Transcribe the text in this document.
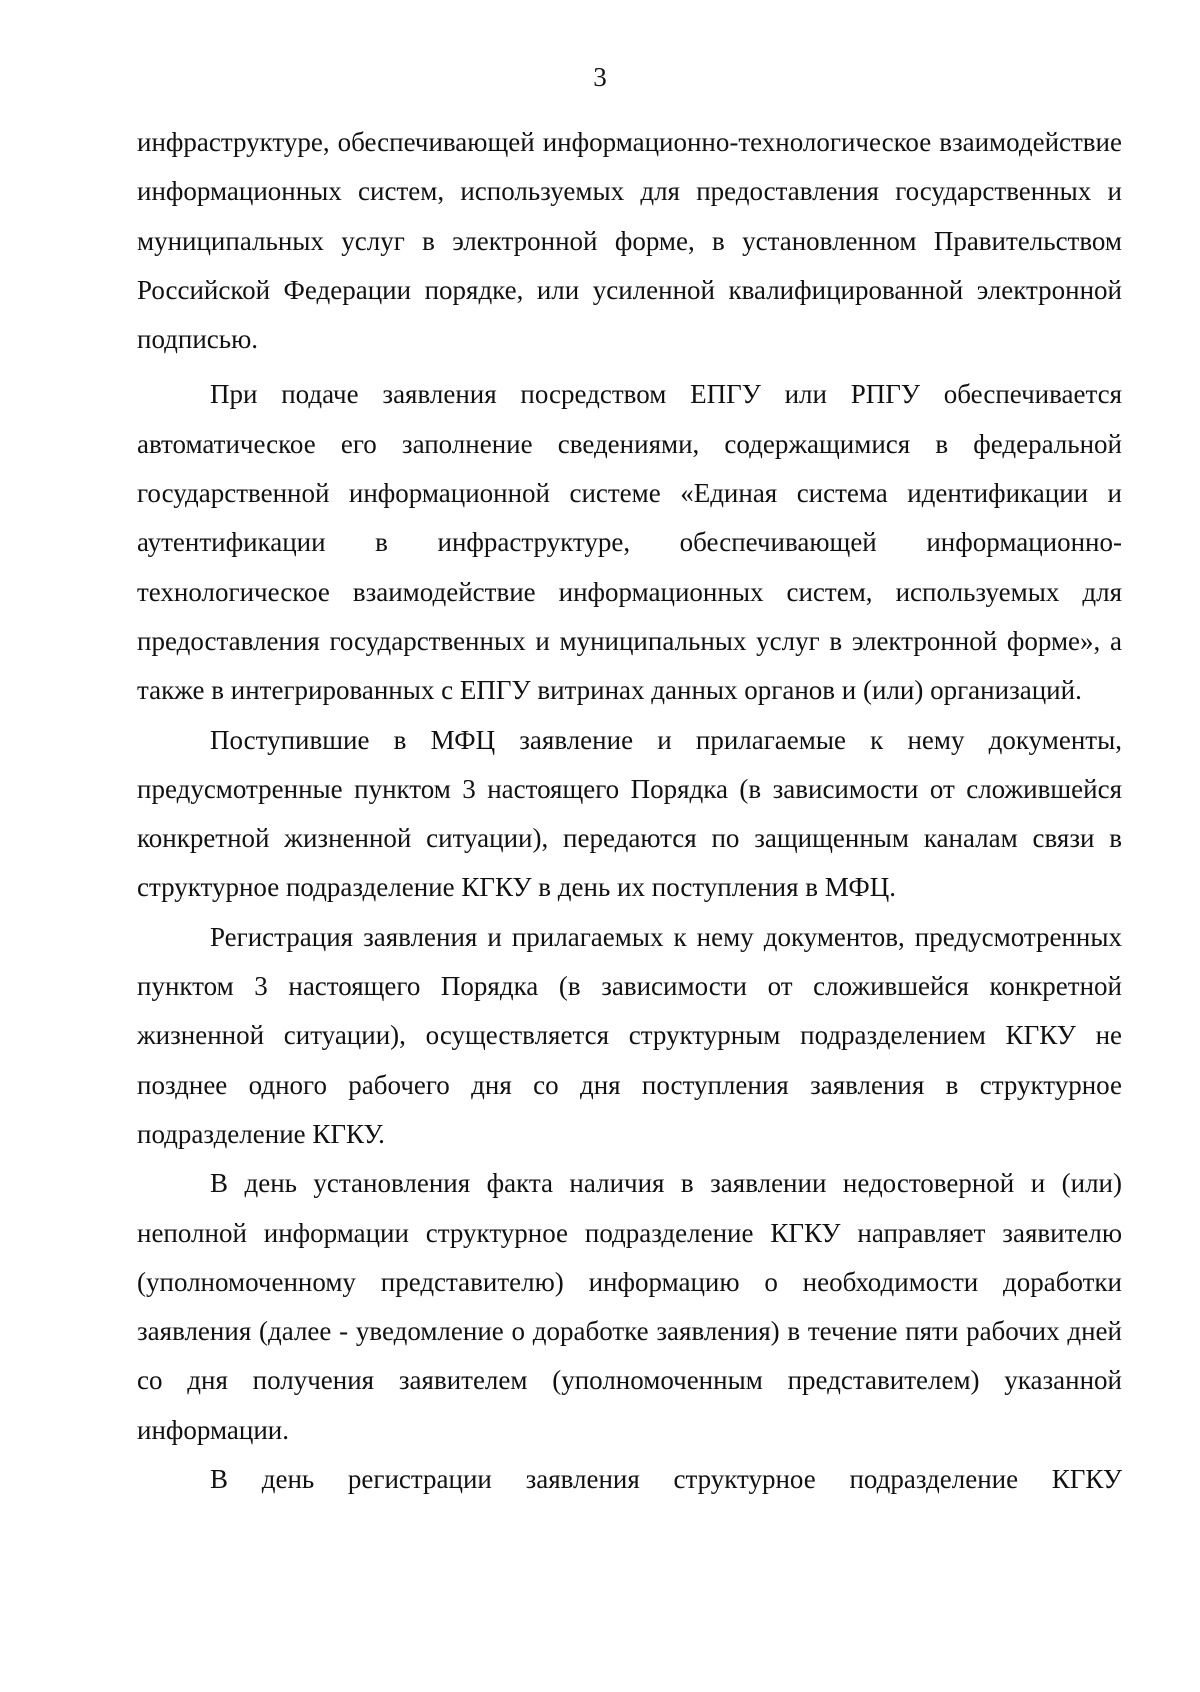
3

инфраструктуре, обеспечивающей информационно-технологическое взаимодействие информационных систем, используемых для предоставления государственных и муниципальных услуг в электронной форме, в установленном Правительством Российской Федерации порядке, или усиленной квалифицированной электронной подписью.

При подаче заявления посредством ЕПГУ или РПГУ обеспечивается автоматическое его заполнение сведениями, содержащимися в федеральной государственной информационной системе «Единая система идентификации и аутентификации в инфраструктуре, обеспечивающей информационно-технологическое взаимодействие информационных систем, используемых для предоставления государственных и муниципальных услуг в электронной форме», а также в интегрированных с ЕПГУ витринах данных органов и (или) организаций.

Поступившие в МФЦ заявление и прилагаемые к нему документы, предусмотренные пунктом 3 настоящего Порядка (в зависимости от сложившейся конкретной жизненной ситуации), передаются по защищенным каналам связи в структурное подразделение КГКУ в день их поступления в МФЦ.

Регистрация заявления и прилагаемых к нему документов, предусмотренных пунктом 3 настоящего Порядка (в зависимости от сложившейся конкретной жизненной ситуации), осуществляется структурным подразделением КГКУ не позднее одного рабочего дня со дня поступления заявления в структурное подразделение КГКУ.

В день установления факта наличия в заявлении недостоверной и (или) неполной информации структурное подразделение КГКУ направляет заявителю (уполномоченному представителю) информацию о необходимости доработки заявления (далее - уведомление о доработке заявления) в течение пяти рабочих дней со дня получения заявителем (уполномоченным представителем) указанной информации.

В день регистрации заявления структурное подразделение КГКУ
